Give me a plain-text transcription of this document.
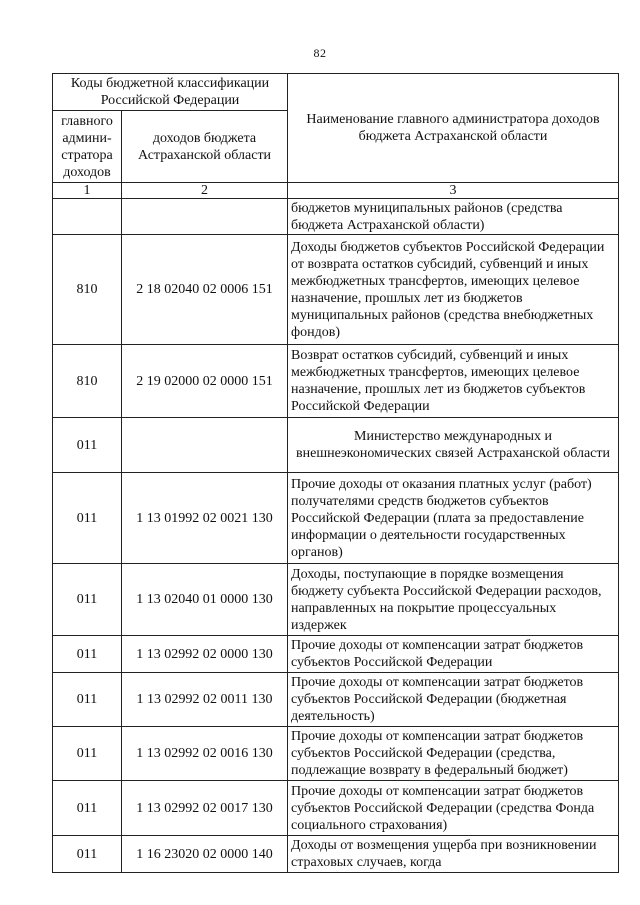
82
Коды бюджетной классификации Российской Федерации		Наименование главного администратора доходов бюджета Астраханской области
главного админи-стратора доходов	доходов бюджета Астраханской области	
1	2	3
		бюджетов муниципальных районов (средства бюджета Астраханской области)
810	2 18 02040 02 0006 151	Доходы бюджетов субъектов Российской Федерации от возврата остатков субсидий, субвенций и иных межбюджетных трансфертов, имеющих целевое назначение, прошлых лет из бюджетов муниципальных районов (средства внебюджетных фондов)
810	2 19 02000 02 0000 151	Возврат остатков субсидий, субвенций и иных межбюджетных трансфертов, имеющих целевое назначение, прошлых лет из бюджетов субъектов Российской Федерации
011		Министерство международных и внешнеэкономических связей Астраханской области
011	1 13 01992 02 0021 130	Прочие доходы от оказания платных услуг (работ) получателями средств бюджетов субъектов Российской Федерации (плата за предоставление информации о деятельности государственных органов)
011	1 13 02040 01 0000 130	Доходы, поступающие в порядке возмещения бюджету субъекта Российской Федерации расходов, направленных на покрытие процессуальных издержек
011	1 13 02992 02 0000 130	Прочие доходы от компенсации затрат бюджетов субъектов Российской Федерации
011	1 13 02992 02 0011 130	Прочие доходы от компенсации затрат бюджетов субъектов Российской Федерации (бюджетная деятельность)
011	1 13 02992 02 0016 130	Прочие доходы от компенсации затрат бюджетов субъектов Российской Федерации (средства, подлежащие возврату в федеральный бюджет)
011	1 13 02992 02 0017 130	Прочие доходы от компенсации затрат бюджетов субъектов Российской Федерации (средства Фонда социального страхования)
011	1 16 23020 02 0000 140	Доходы от возмещения ущерба при возникновении страховых случаев, когда
